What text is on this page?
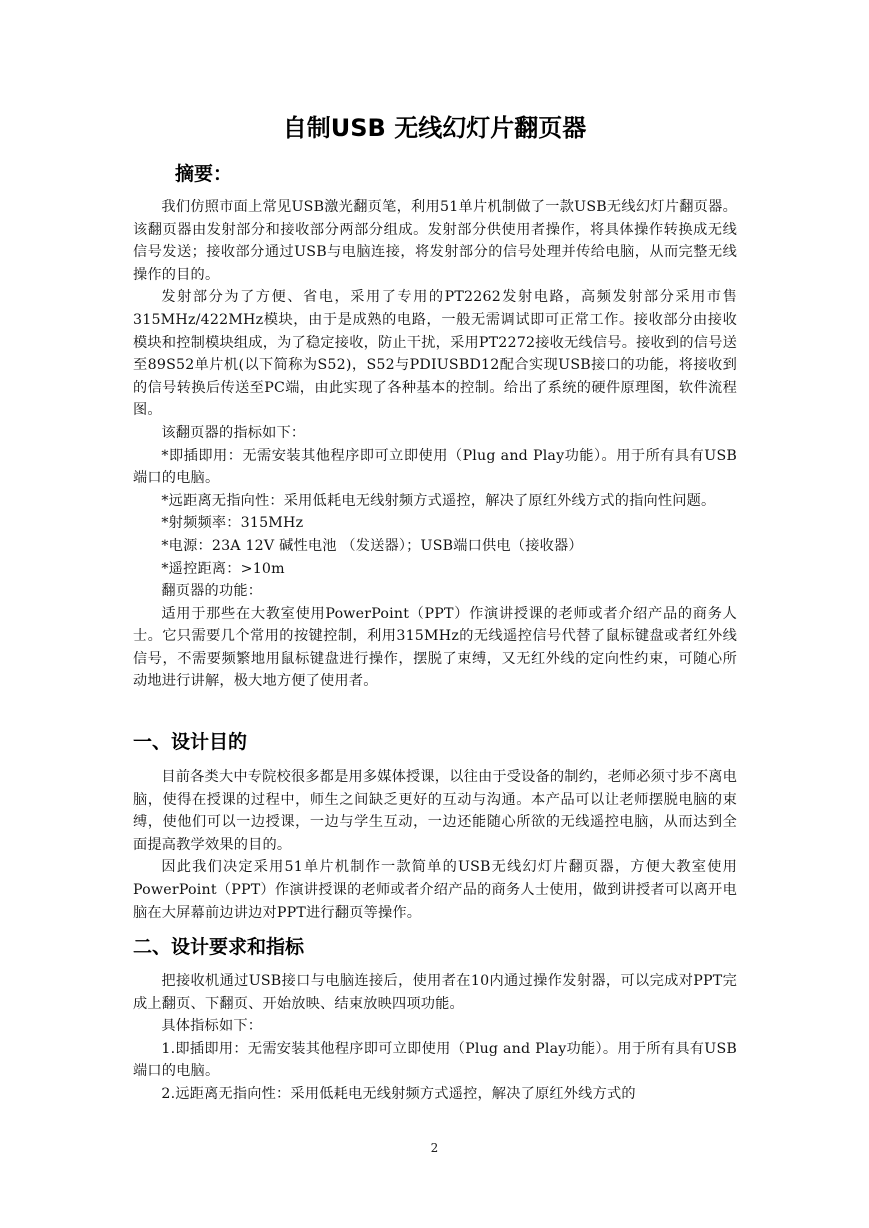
自制USB 无线幻灯片翻页器
摘要：

我们仿照市面上常见USB激光翻页笔，利用51单片机制做了一款USB无线幻灯片翻页器。该翻页器由发射部分和接收部分两部分组成。发射部分供使用者操作，将具体操作转换成无线信号发送；接收部分通过USB与电脑连接，将发射部分的信号处理并传给电脑，从而完整无线操作的目的。

发射部分为了方便、省电，采用了专用的PT2262发射电路，高频发射部分采用市售315MHz/422MHz模块，由于是成熟的电路，一般无需调试即可正常工作。接收部分由接收模块和控制模块组成，为了稳定接收，防止干扰，采用PT2272接收无线信号。接收到的信号送至89S52单片机(以下简称为S52)，S52与PDIUSBD12配合实现USB接口的功能，将接收到的信号转换后传送至PC端，由此实现了各种基本的控制。给出了系统的硬件原理图，软件流程图。

该翻页器的指标如下：

*即插即用：无需安装其他程序即可立即使用（Plug and Play功能）。用于所有具有USB端口的电脑。

*远距离无指向性：采用低耗电无线射频方式遥控，解决了原红外线方式的指向性问题。

*射频频率：315MHz

*电源：23A 12V 碱性电池 （发送器）；USB端口供电（接收器）

*遥控距离：>10m

翻页器的功能：

适用于那些在大教室使用PowerPoint（PPT）作演讲授课的老师或者介绍产品的商务人士。它只需要几个常用的按键控制，利用315MHz的无线遥控信号代替了鼠标键盘或者红外线信号，不需要频繁地用鼠标键盘进行操作，摆脱了束缚，又无红外线的定向性约束，可随心所动地进行讲解，极大地方便了使用者。

一、设计目的

目前各类大中专院校很多都是用多媒体授课，以往由于受设备的制约，老师必须寸步不离电脑，使得在授课的过程中，师生之间缺乏更好的互动与沟通。本产品可以让老师摆脱电脑的束缚，使他们可以一边授课，一边与学生互动，一边还能随心所欲的无线遥控电脑，从而达到全面提高教学效果的目的。

因此我们决定采用51单片机制作一款简单的USB无线幻灯片翻页器，方便大教室使用PowerPoint（PPT）作演讲授课的老师或者介绍产品的商务人士使用，做到讲授者可以离开电脑在大屏幕前边讲边对PPT进行翻页等操作。

二、设计要求和指标

把接收机通过USB接口与电脑连接后，使用者在10内通过操作发射器，可以完成对PPT完成上翻页、下翻页、开始放映、结束放映四项功能。

具体指标如下：

1.即插即用：无需安装其他程序即可立即使用（Plug and Play功能）。用于所有具有USB端口的电脑。

2.远距离无指向性：采用低耗电无线射频方式遥控，解决了原红外线方式的

2
